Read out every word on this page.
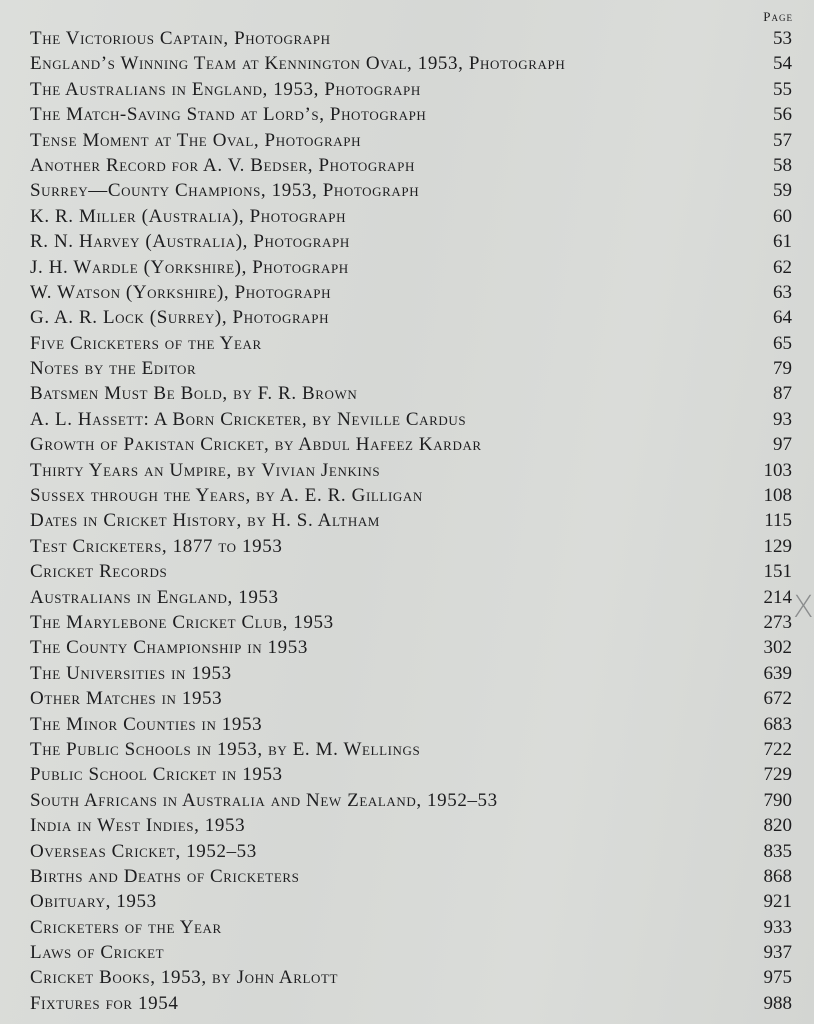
Page
The Victorious Captain, Photograph	53
England’s Winning Team at Kennington Oval, 1953, Photograph	54
The Australians in England, 1953, Photograph	55
The Match-Saving Stand at Lord’s, Photograph	56
Tense Moment at The Oval, Photograph	57
Another Record for A. V. Bedser, Photograph	58
Surrey—County Champions, 1953, Photograph	59
K. R. Miller (Australia), Photograph	60
R. N. Harvey (Australia), Photograph	61
J. H. Wardle (Yorkshire), Photograph	62
W. Watson (Yorkshire), Photograph	63
G. A. R. Lock (Surrey), Photograph	64
Five Cricketers of the Year	65
Notes by the Editor	79
Batsmen Must Be Bold, by F. R. Brown	87
A. L. Hassett: A Born Cricketer, by Neville Cardus	93
Growth of Pakistan Cricket, by Abdul Hafeez Kardar	97
Thirty Years an Umpire, by Vivian Jenkins	103
Sussex through the Years, by A. E. R. Gilligan	108
Dates in Cricket History, by H. S. Altham	115
Test Cricketers, 1877 to 1953	129
Cricket Records	151
Australians in England, 1953	214
The Marylebone Cricket Club, 1953	273
The County Championship in 1953	302
The Universities in 1953	639
Other Matches in 1953	672
The Minor Counties in 1953	683
The Public Schools in 1953, by E. M. Wellings	722
Public School Cricket in 1953	729
South Africans in Australia and New Zealand, 1952–53	790
India in West Indies, 1953	820
Overseas Cricket, 1952–53	835
Births and Deaths of Cricketers	868
Obituary, 1953	921
Cricketers of the Year	933
Laws of Cricket	937
Cricket Books, 1953, by John Arlott	975
Fixtures for 1954	988
X
